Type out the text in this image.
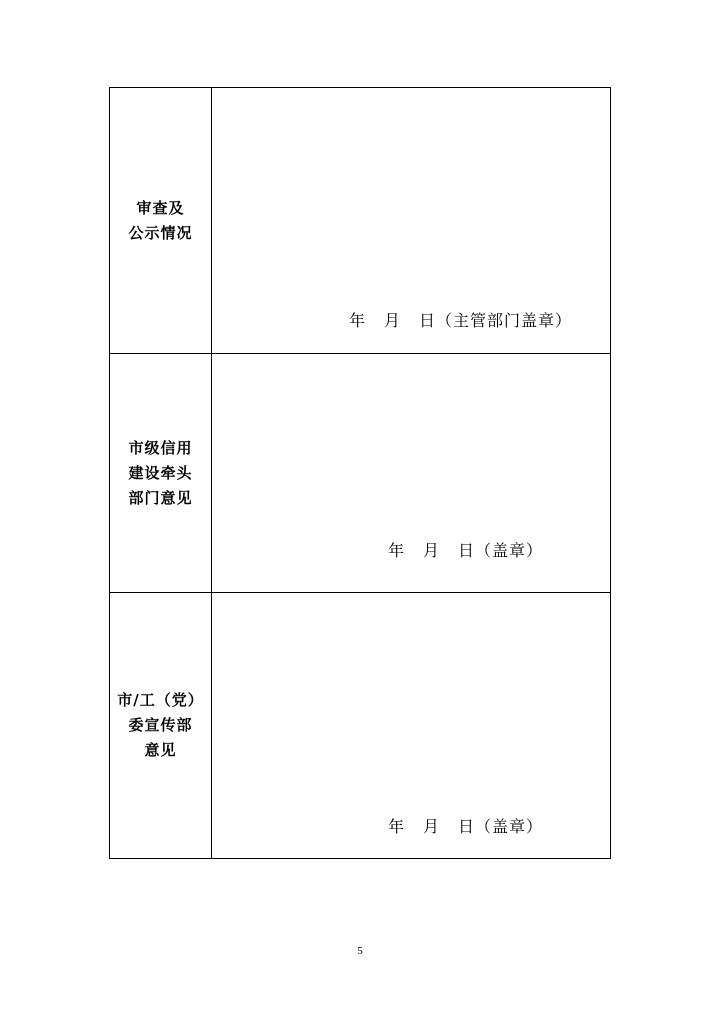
审查及
公示情况	年 月 日（主管部门盖章）

市级信用
建设牵头
部门意见	年 月 日（盖章）

市/工（党）
委宣传部
意见	年 月 日（盖章）
5
